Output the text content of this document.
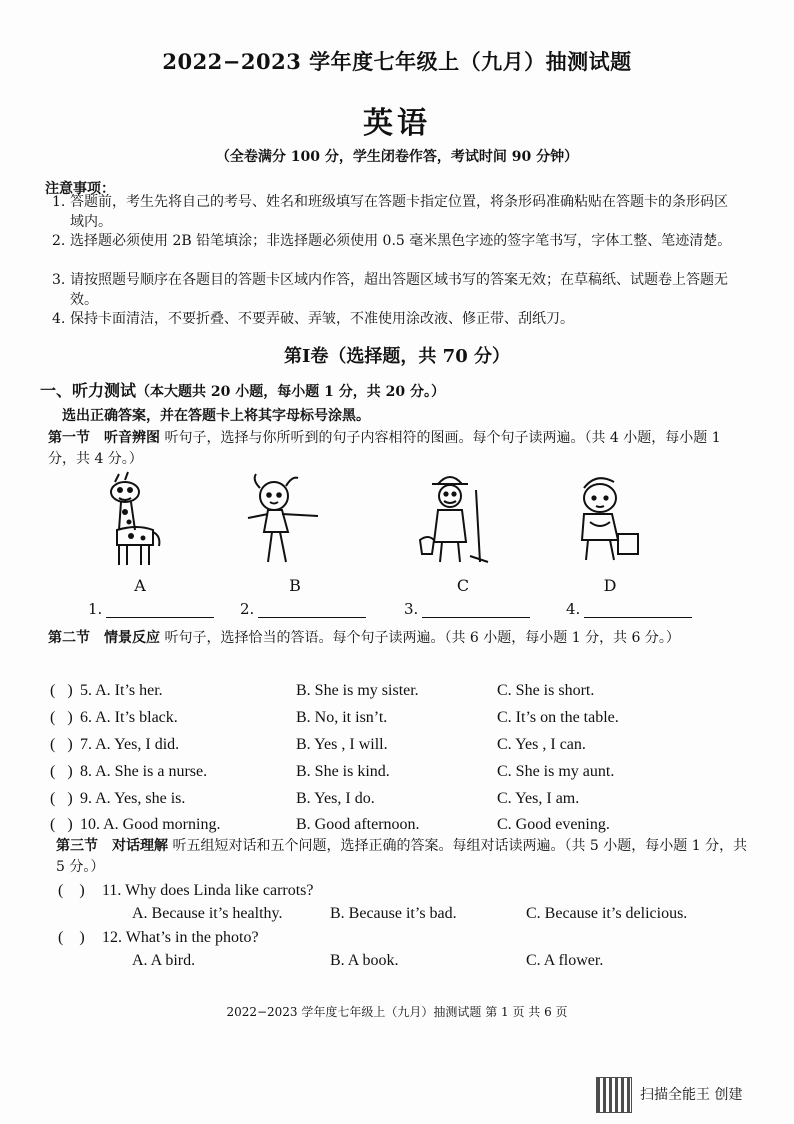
2022−2023 学年度七年级上（九月）抽测试题
英语
（全卷满分 100 分，学生闭卷作答，考试时间 90 分钟）
注意事项：
1. 答题前，考生先将自己的考号、姓名和班级填写在答题卡指定位置，将条形码准确粘贴在答题卡的条形码区域内。
2. 选择题必须使用 2B 铅笔填涂；非选择题必须使用 0.5 毫米黑色字迹的签字笔书写，字体工整、笔迹清楚。
3. 请按照题号顺序在各题目的答题卡区域内作答，超出答题区域书写的答案无效；在草稿纸、试题卷上答题无效。
4. 保持卡面清洁，不要折叠、不要弄破、弄皱，不准使用涂改液、修正带、刮纸刀。
第Ⅰ卷（选择题，共 70 分）
一、听力测试（本大题共 20 小题，每小题 1 分，共 20 分。）
选出正确答案，并在答题卡上将其字母标号涂黑。
第一节　听音辨图 听句子，选择与你所听到的句子内容相符的图画。每个句子读两遍。（共 4 小题，每小题 1 分，共 4 分。）
A	B	C	D
1.	2.	3.	4.
第二节　情景反应 听句子，选择恰当的答语。每个句子读两遍。（共 6 小题，每小题 1 分，共 6 分。）
(   ) 5. A. It’s her.	B. She is my sister.	C. She is short.
(   ) 6. A. It’s black.	B. No, it isn’t.	C. It’s on the table.
(   ) 7. A. Yes, I did.	B. Yes , I will.	C. Yes , I can.
(   ) 8. A. She is a nurse.	B. She is kind.	C. She is my aunt.
(   ) 9. A. Yes, she is.	B. Yes, I do.	C. Yes, I am.
(   ) 10. A. Good morning.	B. Good afternoon.	C. Good evening.
第三节　对话理解 听五组短对话和五个问题，选择正确的答案。每组对话读两遍。（共 5 小题，每小题 1 分，共 5 分。）
(    ) 11. Why does Linda like carrots?
A. Because it’s healthy.	B. Because it’s bad.	C. Because it’s delicious.
(    ) 12. What’s in the photo?
A. A bird.	B. A book.	C. A flower.
2022−2023 学年度七年级上（九月）抽测试题 第 1 页 共 6 页
扫描全能王 创建
